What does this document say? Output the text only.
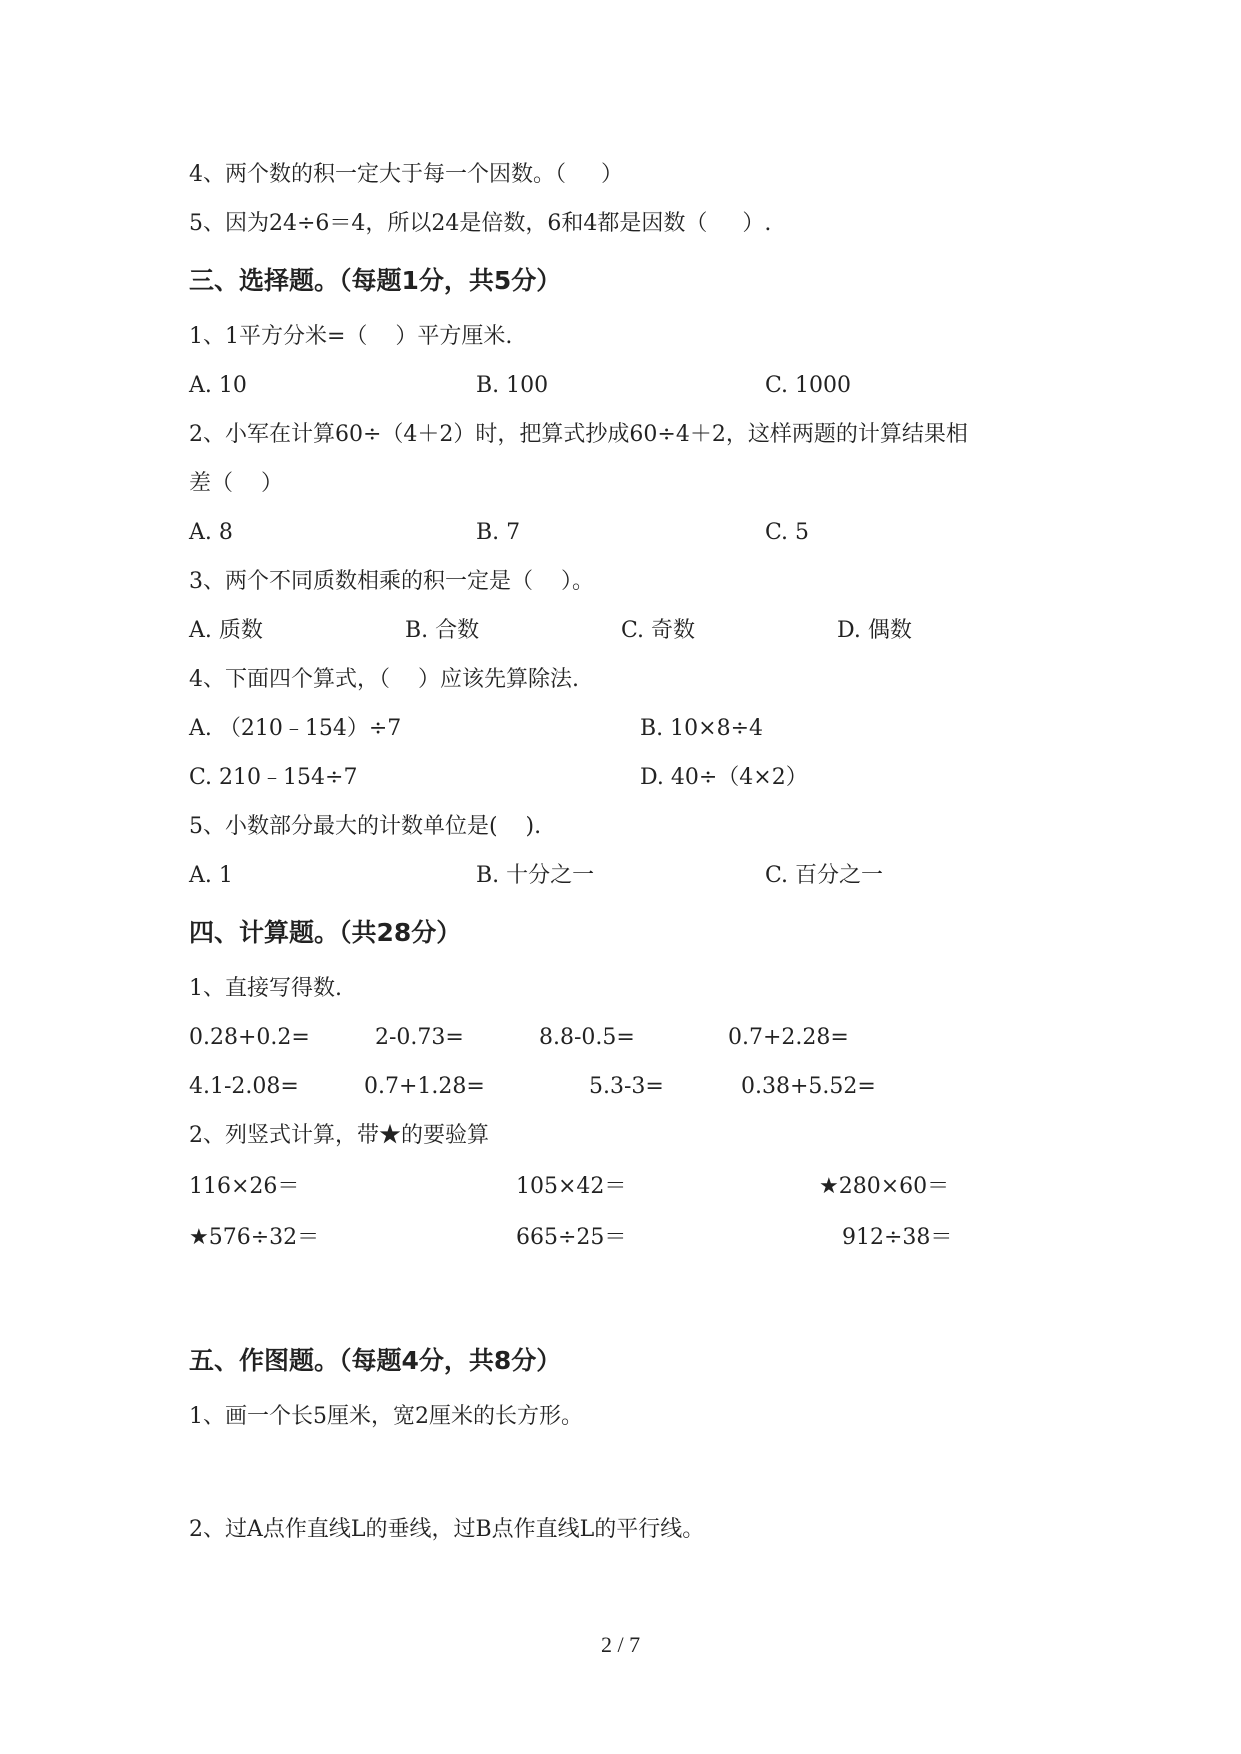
4、两个数的积一定大于每一个因数。（     ）
5、因为24÷6＝4，所以24是倍数，6和4都是因数（     ）.
三、选择题。（每题1分，共5分）
1、1平方分米=（    ）平方厘米.
A. 10	B. 100	C. 1000
2、小军在计算60÷（4＋2）时，把算式抄成60÷4＋2，这样两题的计算结果相
差（    ）
A. 8	B. 7	C. 5
3、两个不同质数相乘的积一定是（    ）。
A. 质数	B. 合数	C. 奇数	D. 偶数
4、下面四个算式，（    ）应该先算除法.
A. （210﹣154）÷7	B. 10×8÷4
C. 210﹣154÷7	D. 40÷（4×2）
5、小数部分最大的计数单位是(    ).
A. 1	B. 十分之一	C. 百分之一
四、计算题。（共28分）
1、直接写得数.
0.28+0.2=	2-0.73=	8.8-0.5=	0.7+2.28=
4.1-2.08=	0.7+1.28=	5.3-3=	0.38+5.52=
2、列竖式计算，带★的要验算
116×26＝	105×42＝	★280×60＝
★576÷32＝	665÷25＝	912÷38＝
五、作图题。（每题4分，共8分）
1、画一个长5厘米，宽2厘米的长方形。
2、过A点作直线L的垂线，过B点作直线L的平行线。
2 / 7
